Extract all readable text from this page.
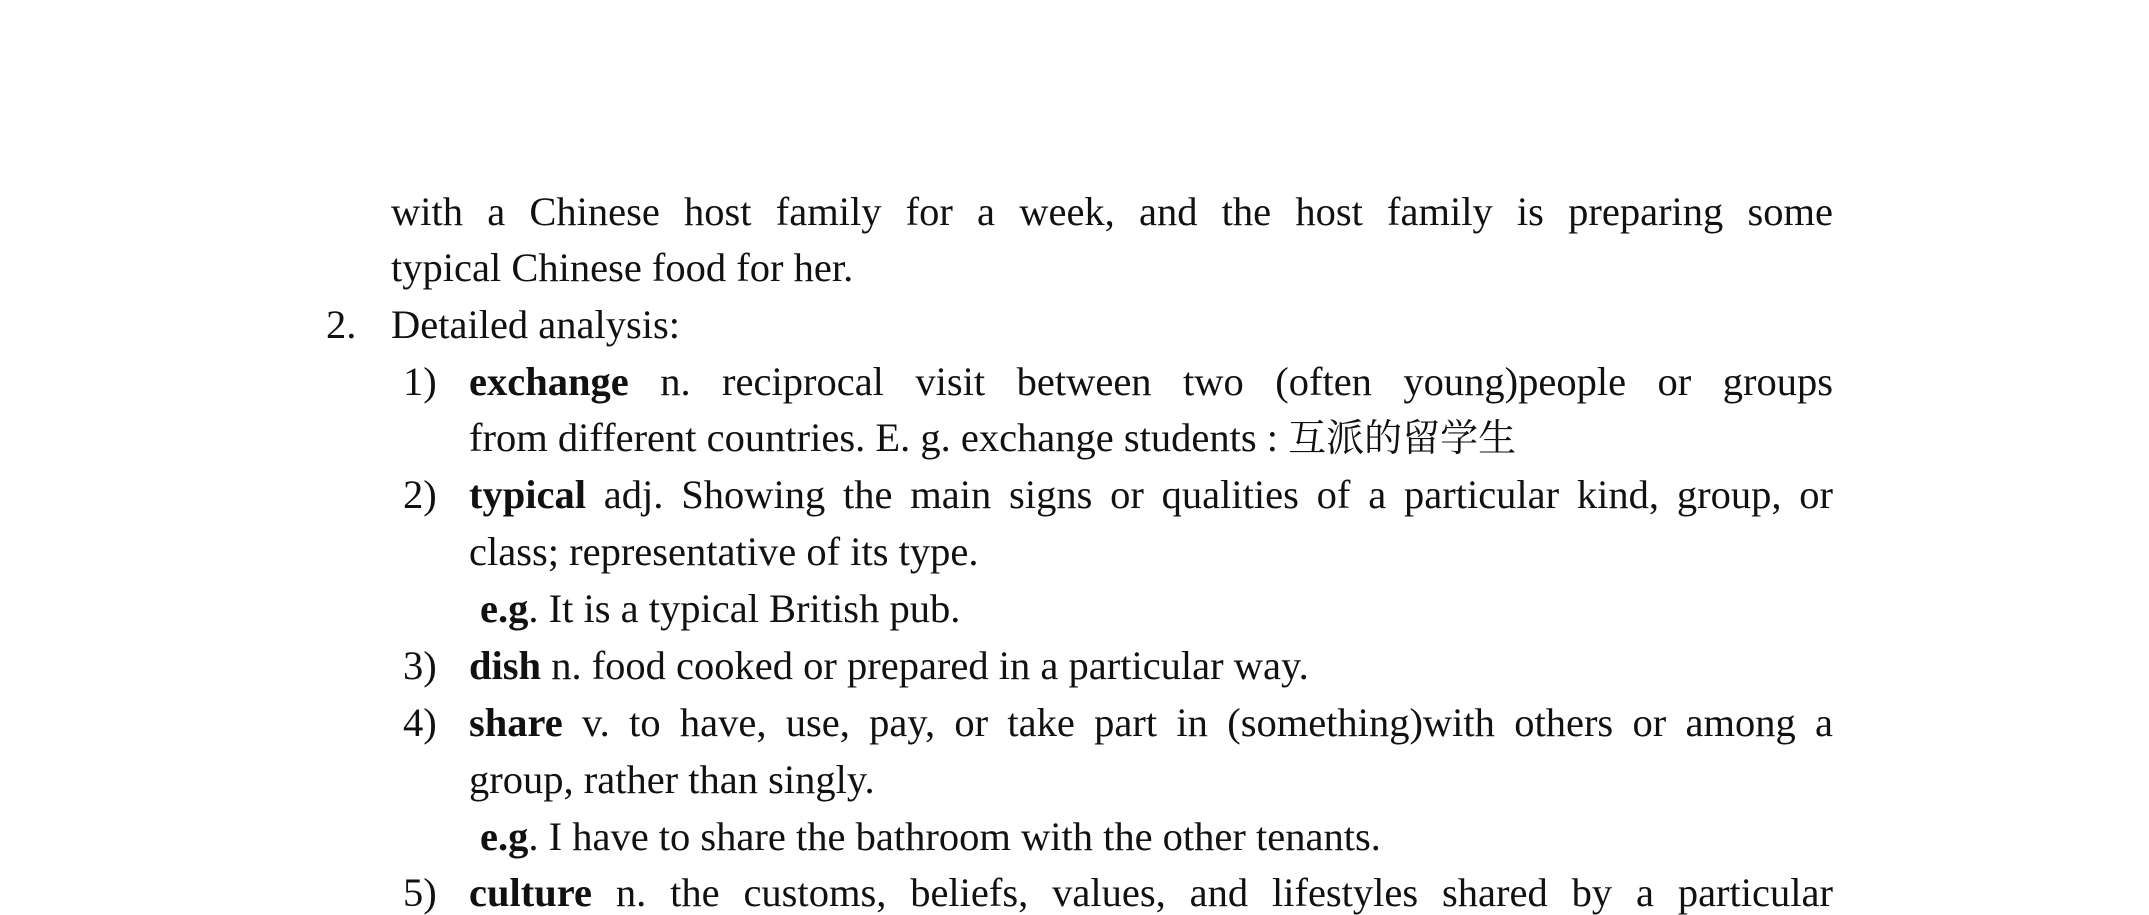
with a Chinese host family for a week, and the host family is preparing some
typical Chinese food for her.
2. Detailed analysis:
1) exchange n. reciprocal visit between two (often young)people or groups
from different countries. E. g. exchange students : 互派的留学生
2) typical adj. Showing the main signs or qualities of a particular kind, group, or
class; representative of its type.
e.g. It is a typical British pub.
3) dish n. food cooked or prepared in a particular way.
4) share v. to have, use, pay, or take part in (something)with others or among a
group, rather than singly.
e.g. I have to share the bathroom with the other tenants.
5) culture n. the customs, beliefs, values, and lifestyles shared by a particular
